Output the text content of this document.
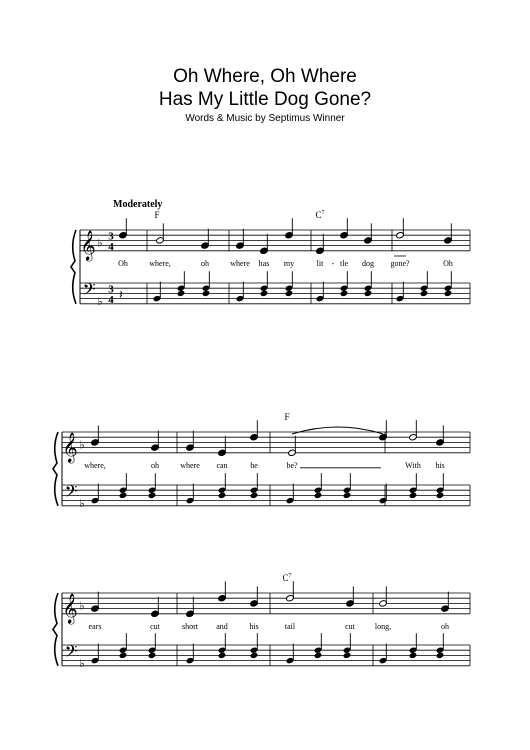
Oh Where, Oh Where
Has My Little Dog Gone?
Words & Music by Septimus Winner
Moderately
𝄞
𝄢
♭
♭
3
4
3
4 𝄽
Oh
F
where,	oh	where has my
$C^7$
lit - tle dog gone?	Oh
𝄞
𝄢
♭
♭
where,	oh	where can	he
F
be?	With his
𝄞
𝄢
♭
♭
ears	cut	short and	his
$C^7$
tail	cut long,	oh
